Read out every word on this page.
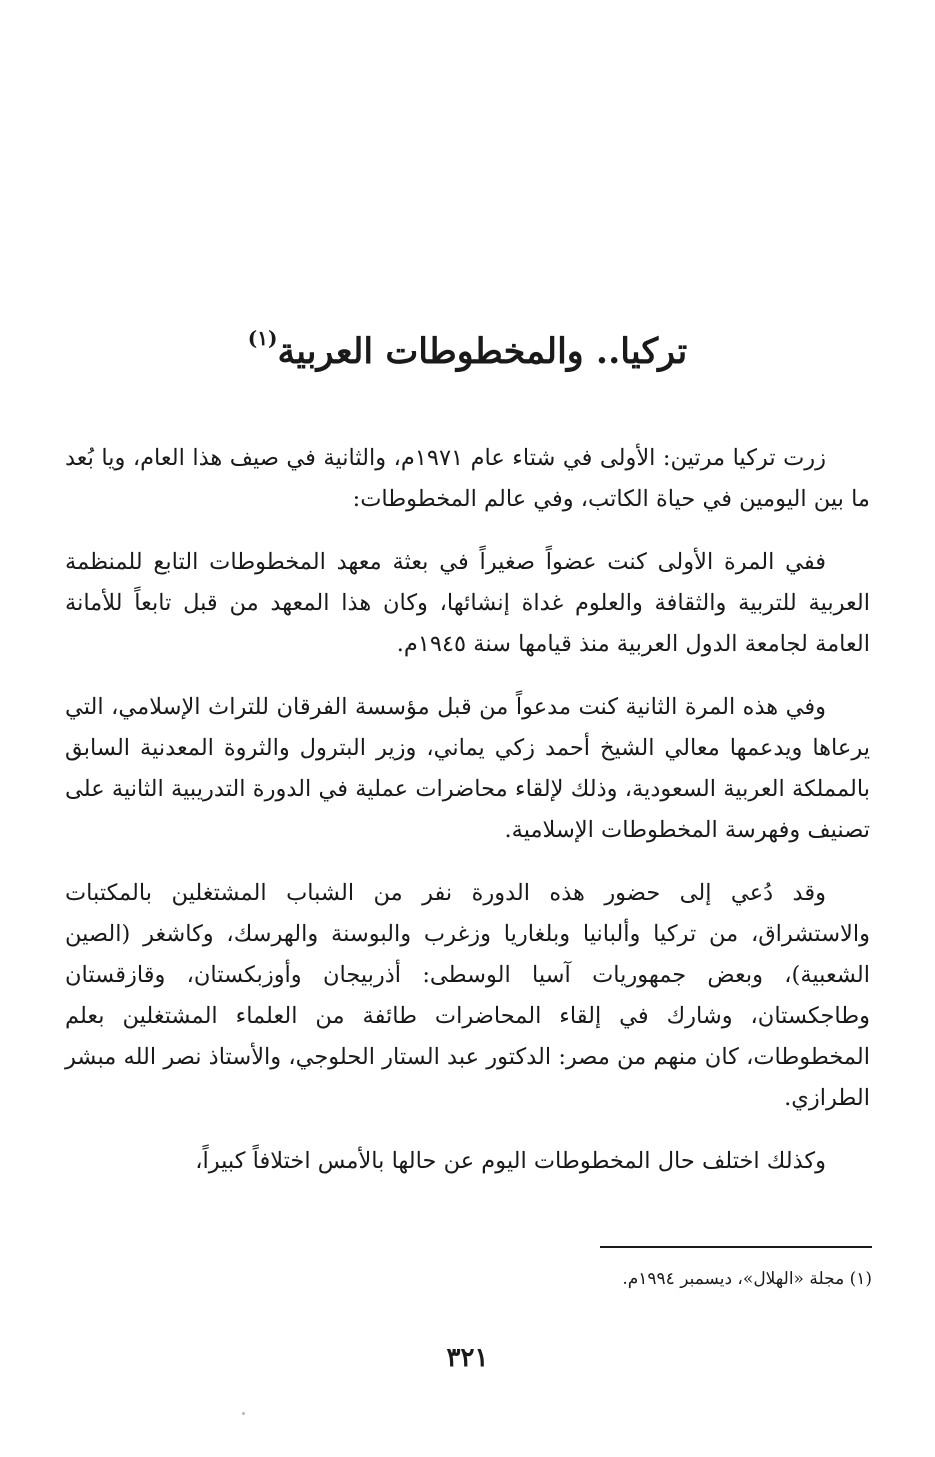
تركيا.. والمخطوطات العربية$^{(١)}$

زرت تركيا مرتين: الأولى في شتاء عام ١٩٧١م، والثانية في صيف هذا العام، ويا بُعد ما بين اليومين في حياة الكاتب، وفي عالم المخطوطات:

ففي المرة الأولى كنت عضواً صغيراً في بعثة معهد المخطوطات التابع للمنظمة العربية للتربية والثقافة والعلوم غداة إنشائها، وكان هذا المعهد من قبل تابعاً للأمانة العامة لجامعة الدول العربية منذ قيامها سنة ١٩٤٥م.

وفي هذه المرة الثانية كنت مدعواً من قبل مؤسسة الفرقان للتراث الإسلامي، التي يرعاها ويدعمها معالي الشيخ أحمد زكي يماني، وزير البترول والثروة المعدنية السابق بالمملكة العربية السعودية، وذلك لإلقاء محاضرات عملية في الدورة التدريبية الثانية على تصنيف وفهرسة المخطوطات الإسلامية.

وقد دُعي إلى حضور هذه الدورة نفر من الشباب المشتغلين بالمكتبات والاستشراق، من تركيا وألبانيا وبلغاريا وزغرب والبوسنة والهرسك، وكاشغر (الصين الشعبية)، وبعض جمهوريات آسيا الوسطى: أذربيجان وأوزبكستان، وقازقستان وطاجكستان، وشارك في إلقاء المحاضرات طائفة من العلماء المشتغلين بعلم المخطوطات، كان منهم من مصر: الدكتور عبد الستار الحلوجي، والأستاذ نصر الله مبشر الطرازي.

وكذلك اختلف حال المخطوطات اليوم عن حالها بالأمس اختلافاً كبيراً،

(١) مجلة «الهلال»، ديسمبر ١٩٩٤م.
٣٢١
